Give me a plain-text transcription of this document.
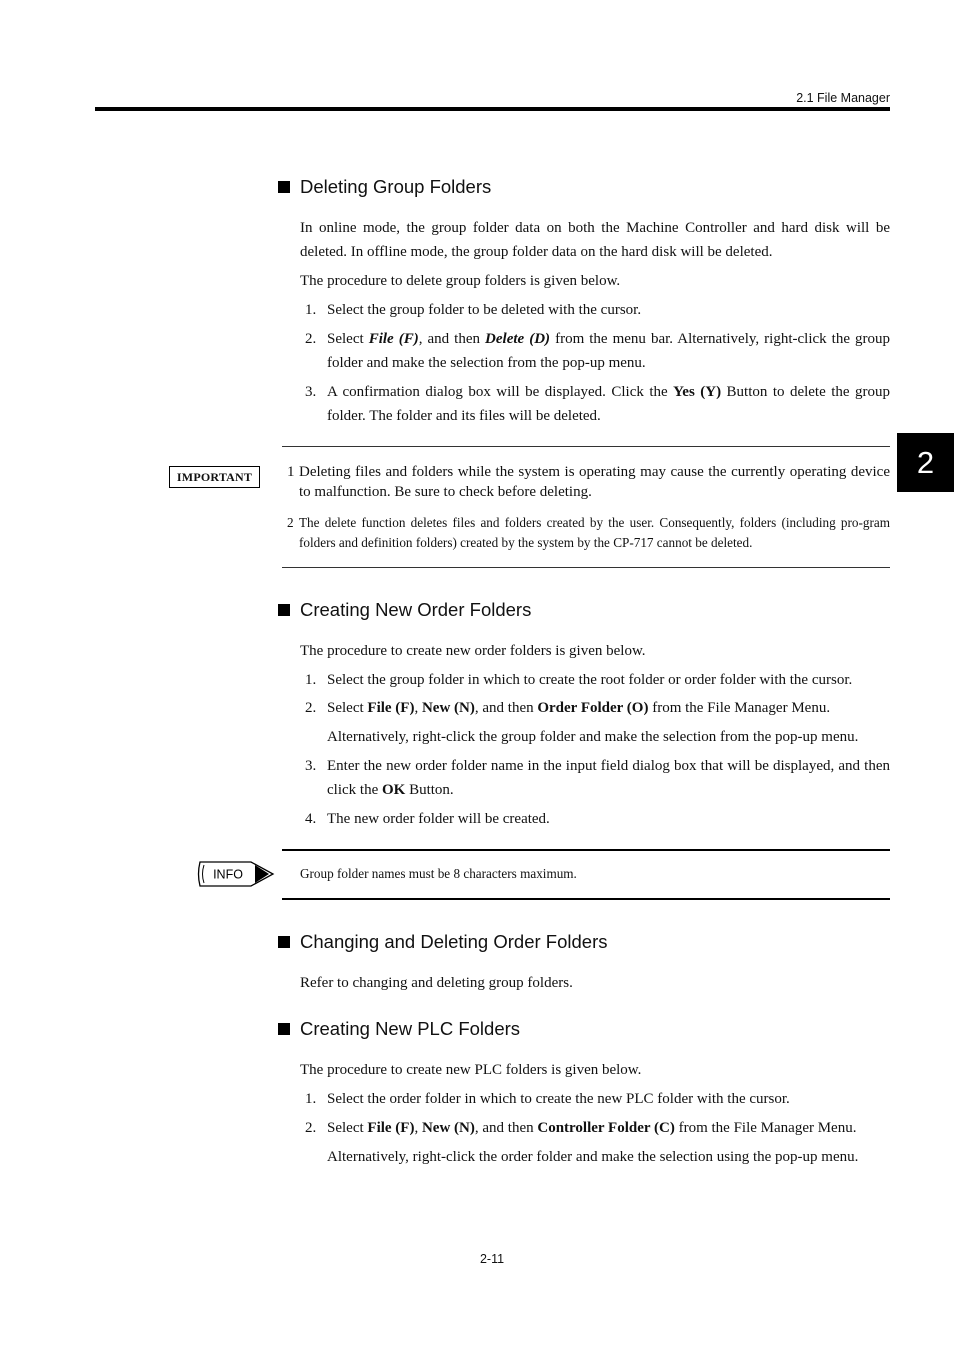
2.1 File Manager
2
Deleting Group Folders
In online mode, the group folder data on both the Machine Controller and hard disk will be deleted. In offline mode, the group folder data on the hard disk will be deleted.
The procedure to delete group folders is given below.
1. Select the group folder to be deleted with the cursor.
2. Select File (F), and then Delete (D) from the menu bar. Alternatively, right-click the group folder and make the selection from the pop-up menu.
3. A confirmation dialog box will be displayed. Click the Yes (Y) Button to delete the group folder. The folder and its files will be deleted.
IMPORTANT	1 Deleting files and folders while the system is operating may cause the currently operating device to malfunction. Be sure to check before deleting.
2 The delete function deletes files and folders created by the user. Consequently, folders (including pro-gram folders and definition folders) created by the system by the CP-717 cannot be deleted.
Creating New Order Folders
The procedure to create new order folders is given below.
1. Select the group folder in which to create the root folder or order folder with the cursor.
2. Select File (F), New (N), and then Order Folder (O) from the File Manager Menu.
Alternatively, right-click the group folder and make the selection from the pop-up menu.
3. Enter the new order folder name in the input field dialog box that will be displayed, and then click the OK Button.
4. The new order folder will be created.
INFO	Group folder names must be 8 characters maximum.
Changing and Deleting Order Folders
Refer to changing and deleting group folders.
Creating New PLC Folders
The procedure to create new PLC folders is given below.
1. Select the order folder in which to create the new PLC folder with the cursor.
2. Select File (F), New (N), and then Controller Folder (C) from the File Manager Menu.
Alternatively, right-click the order folder and make the selection using the pop-up menu.
2-11
